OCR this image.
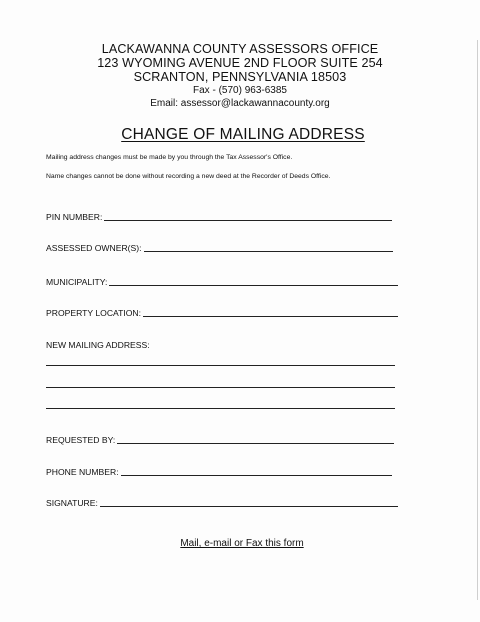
LACKAWANNA COUNTY ASSESSORS OFFICE
123 WYOMING AVENUE 2ND FLOOR SUITE 254
SCRANTON, PENNSYLVANIA 18503
Fax - (570) 963-6385
Email: assessor@lackawannacounty.org
CHANGE OF MAILING ADDRESS
Mailing address changes must be made by you through the Tax Assessor's Office.
Name changes cannot be done without recording a new deed at the Recorder of Deeds Office.
PIN NUMBER:
ASSESSED OWNER(S):
MUNICIPALITY:
PROPERTY LOCATION:
NEW MAILING ADDRESS:
REQUESTED BY:
PHONE NUMBER:
SIGNATURE:
Mail, e-mail or Fax this form
